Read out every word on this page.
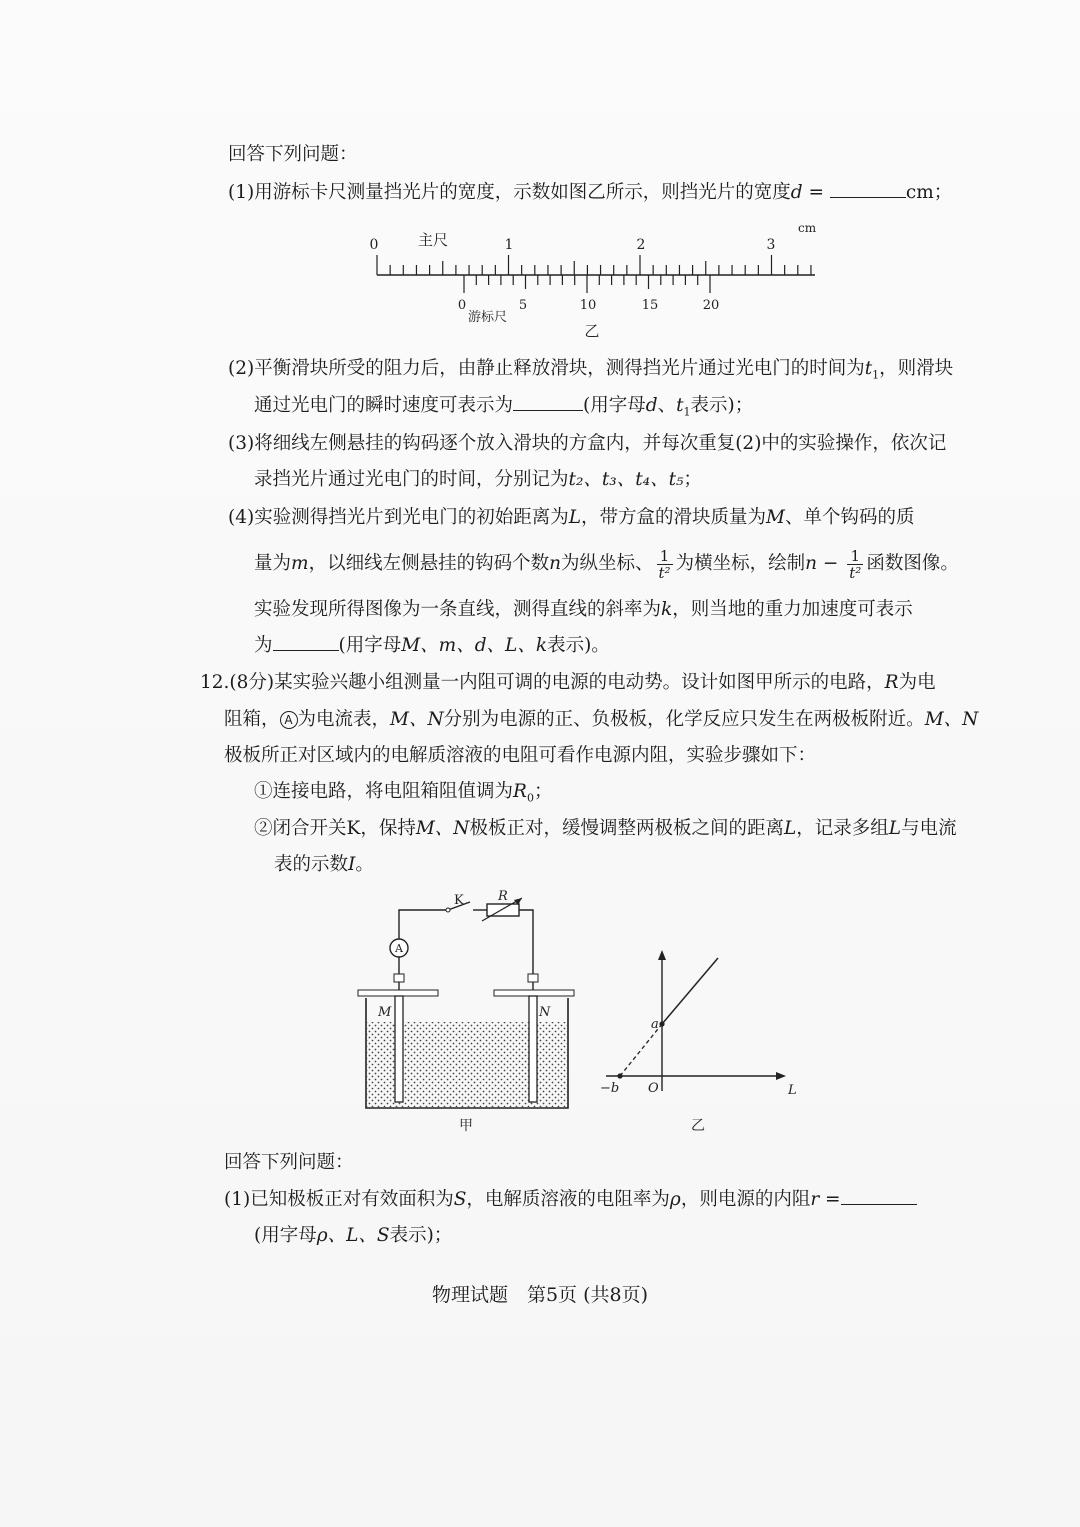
回答下列问题：
(1)用游标卡尺测量挡光片的宽度，示数如图乙所示，则挡光片的宽度d =	cm；
cm
主尺
0	1	2	3
0	5	10	15	20
游标尺
乙
(2)平衡滑块所受的阻力后，由静止释放滑块，测得挡光片通过光电门的时间为$t_1$，则滑块
通过光电门的瞬时速度可表示为	(用字母d、$t_1$表示)；
(3)将细线左侧悬挂的钩码逐个放入滑块的方盒内，并每次重复(2)中的实验操作，依次记
录挡光片通过光电门的时间，分别记为t₂、t₃、t₄、t₅；
(4)实验测得挡光片到光电门的初始距离为L，带方盒的滑块质量为M、单个钩码的质
量为m，以细线左侧悬挂的钩码个数n为纵坐标、 $\frac{1}{\text{t²}}$ 为横坐标，绘制$n - \frac{1}{\text{t²}}$ 函数图像。
实验发现所得图像为一条直线，测得直线的斜率为k，则当地的重力加速度可表示
为	(用字母M、m、d、L、k表示)。
12.(8分)某实验兴趣小组测量一内阻可调的电源的电动势。设计如图甲所示的电路，R为电
阻箱， A 为电流表，M、N分别为电源的正、负极板，化学反应只发生在两极板附近。M、N
极板所正对区域内的电解质溶液的电阻可看作电源内阻，实验步骤如下：
①连接电路，将电阻箱阻值调为$R_0$；
②闭合开关K，保持M、N极板正对，缓慢调整两极板之间的距离L，记录多组L与电流
表的示数I。
K	R
A
M	N
甲
a
−b O	L
乙
回答下列问题：
(1)已知极板正对有效面积为S，电解质溶液的电阻率为ρ，则电源的内阻r =
(用字母ρ、L、S表示)；
物理试题　第5页 (共8页)
